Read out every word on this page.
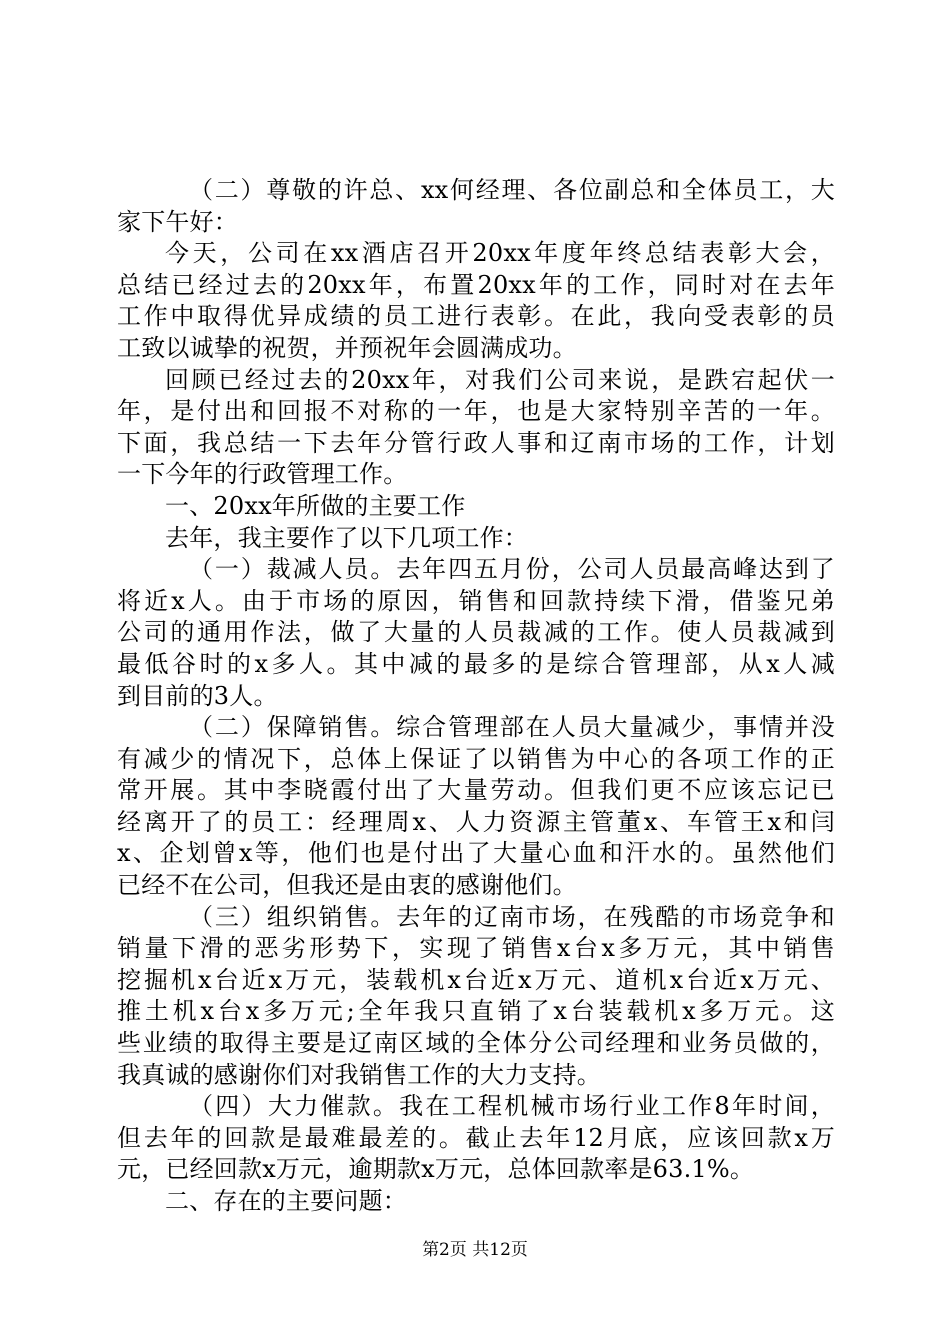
（二）尊敬的许总、xx何经理、各位副总和全体员工，大
家下午好：
今天，公司在xx酒店召开20xx年度年终总结表彰大会，
总结已经过去的20xx年，布置20xx年的工作，同时对在去年
工作中取得优异成绩的员工进行表彰。在此，我向受表彰的员
工致以诚挚的祝贺，并预祝年会圆满成功。
回顾已经过去的20xx年，对我们公司来说，是跌宕起伏一
年，是付出和回报不对称的一年，也是大家特别辛苦的一年。
下面，我总结一下去年分管行政人事和辽南市场的工作，计划
一下今年的行政管理工作。
一、20xx年所做的主要工作
去年，我主要作了以下几项工作：
（一）裁减人员。去年四五月份，公司人员最高峰达到了
将近x人。由于市场的原因，销售和回款持续下滑，借鉴兄弟
公司的通用作法，做了大量的人员裁减的工作。使人员裁减到
最低谷时的x多人。其中减的最多的是综合管理部，从x人减
到目前的3人。
（二）保障销售。综合管理部在人员大量减少，事情并没
有减少的情况下，总体上保证了以销售为中心的各项工作的正
常开展。其中李晓霞付出了大量劳动。但我们更不应该忘记已
经离开了的员工：经理周x、人力资源主管董x、车管王x和闫
x、企划曾x等，他们也是付出了大量心血和汗水的。虽然他们
已经不在公司，但我还是由衷的感谢他们。
（三）组织销售。去年的辽南市场，在残酷的市场竞争和
销量下滑的恶劣形势下，实现了销售x台x多万元，其中销售
挖掘机x台近x万元，装载机x台近x万元、道机x台近x万元、
推土机x台x多万元;全年我只直销了x台装载机x多万元。这
些业绩的取得主要是辽南区域的全体分公司经理和业务员做的，
我真诚的感谢你们对我销售工作的大力支持。
（四）大力催款。我在工程机械市场行业工作8年时间，
但去年的回款是最难最差的。截止去年12月底，应该回款x万
元，已经回款x万元，逾期款x万元，总体回款率是63.1%。
二、存在的主要问题：
第2页 共12页
